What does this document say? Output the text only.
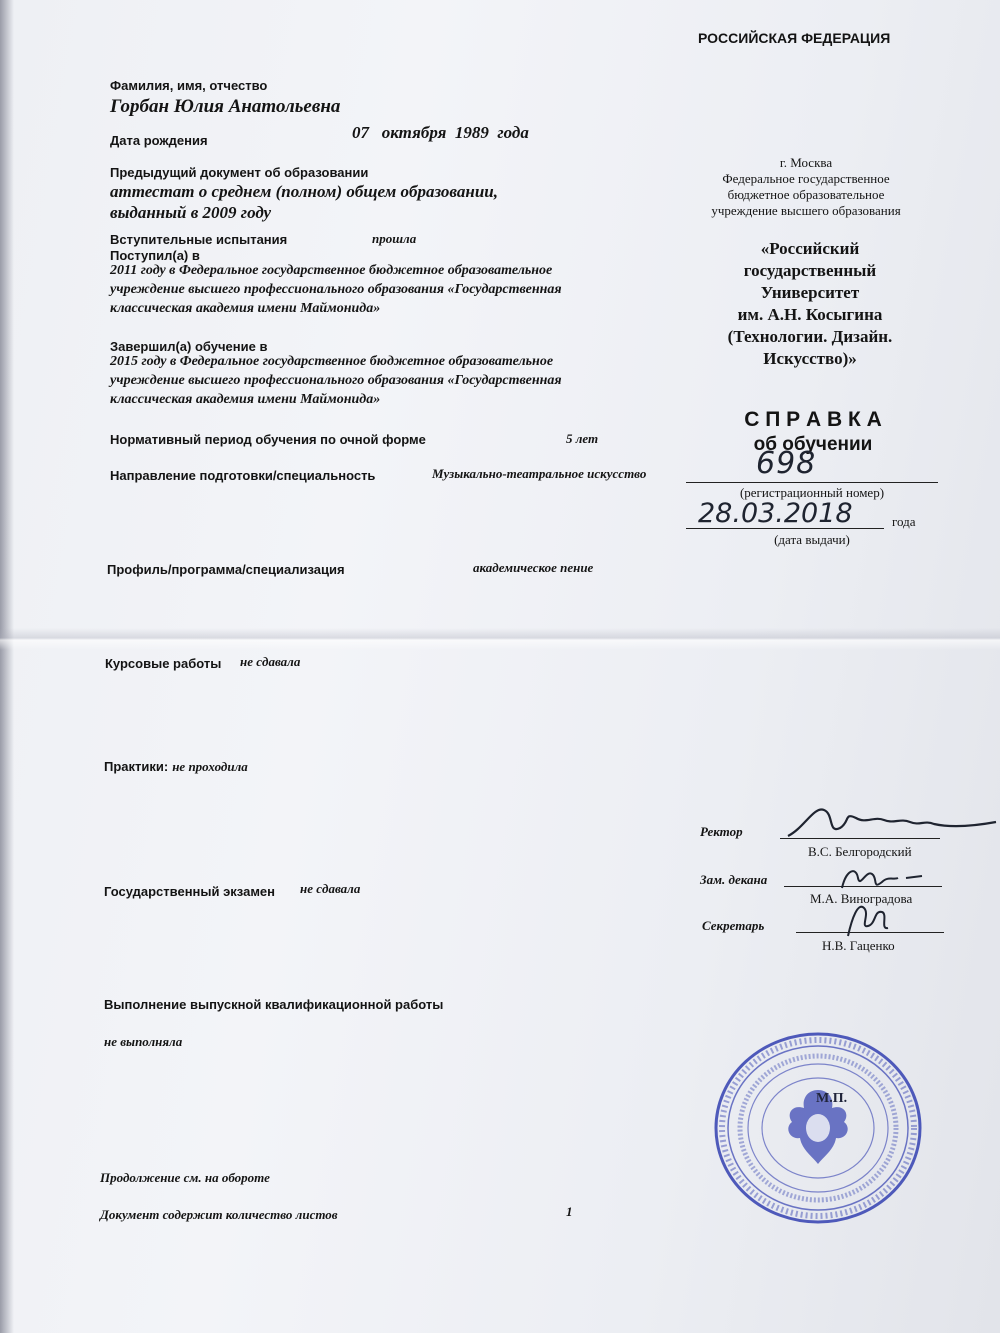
РОССИЙСКАЯ ФЕДЕРАЦИЯ
Фамилия, имя, отчество
Горбан Юлия Анатольевна
Дата рождения	07 октября 1989 года
Предыдущий документ об образовании
аттестат о среднем (полном) общем образовании,
выданный в 2009 году
Вступительные испытания	прошла
Поступил(а) в
2011 году в Федеральное государственное бюджетное образовательное
учреждение высшего профессионального образования «Государственная
классическая академия имени Маймонида»
Завершил(а) обучение в
2015 году в Федеральное государственное бюджетное образовательное
учреждение высшего профессионального образования «Государственная
классическая академия имени Маймонида»
Нормативный период обучения по очной форме	5 лет
Направление подготовки/специальность	Музыкально-театральное искусство
Профиль/программа/специализация	академическое пение
Курсовые работы не сдавала
Практики: не проходила
Государственный экзамен не сдавала
Выполнение выпускной квалификационной работы
не выполняла
Продолжение см. на обороте
Документ содержит количество листов	1
г. Москва
Федеральное государственное
бюджетное образовательное
учреждение высшего образования
«Российский
государственный
Университет
им. А.Н. Косыгина
(Технологии. Дизайн.
Искусство)»
С П Р А В К А
об обучении
698
(регистрационный номер)
28.03.2018	года
(дата выдачи)
Ректор
В.С. Белгородский
Зам. декана
М.А. Виноградова
Секретарь
Н.В. Гаценко
М.П.
